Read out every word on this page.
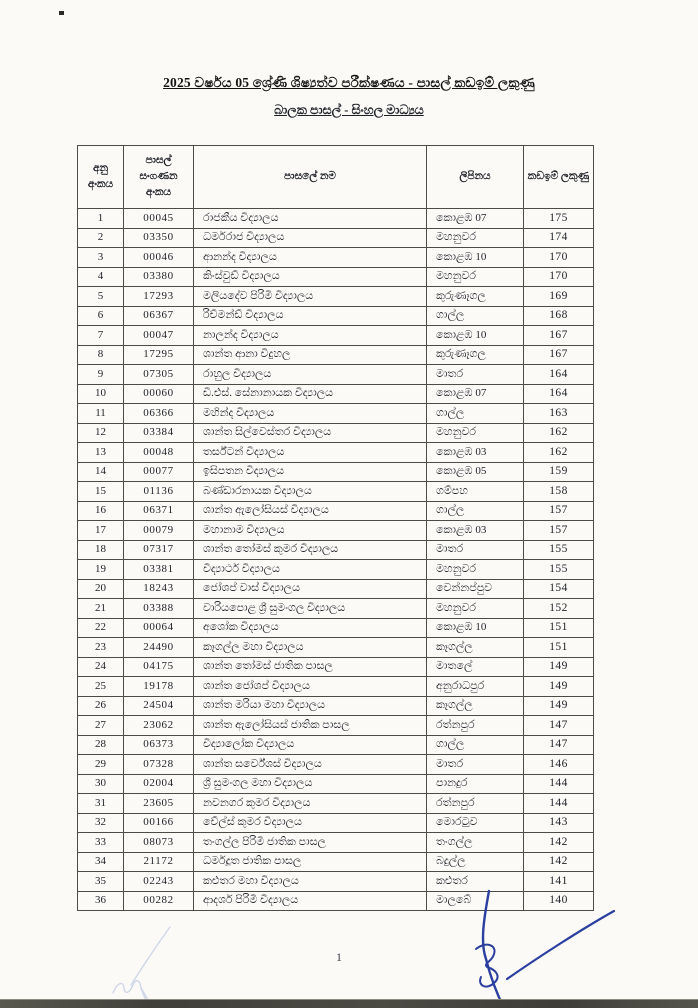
2025 වර්ෂය 05 ශ්‍රේණි ශිෂ්‍යත්ව පරීක්ෂණය - පාසල් කඩඉම් ලකුණු
බාලක පාසල් - සිංහල මාධ්‍යය
අනු අංකය	පාසල් සංගණන අංකය	පාසලේ නම	ලිපිනය	කඩඉම් ලකුණු
1	00045	රාජකීය විද්‍යාලය	කොළඹ 07	175
2	03350	ධර්මරාජ විද්‍යාලය	මහනුවර	174
3	00046	ආනන්ද විද්‍යාලය	කොළඹ 10	170
4	03380	කිංස්වුඩ් විද්‍යාලය	මහනුවර	170
5	17293	මලියදේව පිරිමි විද්‍යාලය	කුරුණෑගල	169
6	06367	රිච්මන්ඩ් විද්‍යාලය	ගාල්ල	168
7	00047	නාලන්ද විද්‍යාලය	කොළඹ 10	167
8	17295	ශාන්ත ආනා විදුහල	කුරුණෑගල	167
9	07305	රාහුල විද්‍යාලය	මාතර	164
10	00060	ඩී.එස්. සේනානායක විද්‍යාලය	කොළඹ 07	164
11	06366	මහින්ද විද්‍යාලය	ගාල්ල	163
12	03384	ශාන්ත සිල්වෙස්තර විද්‍යාලය	මහනුවර	162
13	00048	තර්ස්ටන් විද්‍යාලය	කොළඹ 03	162
14	00077	ඉසිපතන විද්‍යාලය	කොළඹ 05	159
15	01136	බණ්ඩාරනායක විද්‍යාලය	ගම්පහ	158
16	06371	ශාන්ත ඇලෝසියස් විද්‍යාලය	ගාල්ල	157
17	00079	මහානාම විද්‍යාලය	කොළඹ 03	157
18	07317	ශාන්ත තෝමස් කුමර විද්‍යාලය	මාතර	155
19	03381	විද්‍යාර්ථ විද්‍යාලය	මහනුවර	155
20	18243	ජෝශප් වාස් විද්‍යාලය	වෙන්නප්පුව	154
21	03388	වාරියපොළ ශ්‍රී සුමංගල විද්‍යාලය	මහනුවර	152
22	00064	අශෝක විද්‍යාලය	කොළඹ 10	151
23	24490	කෑගල්ල මහා විද්‍යාලය	කෑගල්ල	151
24	04175	ශාන්ත තෝමස් ජාතික පාසල	මාතලේ	149
25	19178	ශාන්ත ජෝශප් විද්‍යාලය	අනුරාධපුර	149
26	24504	ශාන්ත මරියා මහා විද්‍යාලය	කෑගල්ල	149
27	23062	ශාන්ත ඇලෝසියස් ජාතික පාසල	රත්නපුර	147
28	06373	විද්‍යාලෝක විද්‍යාලය	ගාල්ල	147
29	07328	ශාන්ත සර්වේශස් විද්‍යාලය	මාතර	146
30	02004	ශ්‍රී සුමංගල මහා විද්‍යාලය	පානදුර	144
31	23605	නවනගර කුමර විද්‍යාලය	රත්නපුර	144
32	00166	වේල්ස් කුමර විද්‍යාලය	මොරටුව	143
33	08073	තංගල්ල පිරිමි ජාතික පාසල	තංගල්ල	142
34	21172	ධර්මදූත ජාතික පාසල	බදුල්ල	142
35	02243	කළුතර මහා විද්‍යාලය	කළුතර	141
36	00282	ආදර්ශ පිරිමි විද්‍යාලය	මාලබේ	140
1
